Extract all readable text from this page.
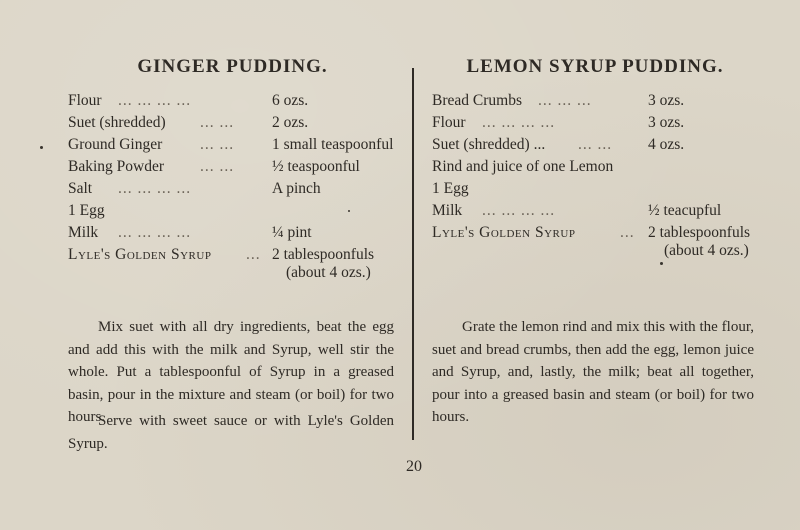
GINGER PUDDING.	LEMON SYRUP PUDDING.
Flour ... ... ... ...	6 ozs.
Suet (shredded) ... ... 2 ozs.
Ground Ginger ... ... 1 small teaspoonful
Baking Powder ... ... ½ teaspoonful
Salt ... ... ... ...	A pinch
1 Egg
Milk ... ... ... ...	¼ pint
Lyle's Golden Syrup ... 2 tablespoonfuls
(about 4 ozs.)
Bread Crumbs ... ... ...	3 ozs.
Flour ... ... ... ...	3 ozs.
Suet (shredded) ... ... ... 4 ozs.
Rind and juice of one Lemon
1 Egg
Milk ... ... ... ...	½ teacupful
Lyle's Golden Syrup	... 2 tablespoonfuls
(about 4 ozs.)

Mix suet with all dry ingredients, beat the egg and add this with the milk and Syrup, well stir the whole. Put a tablespoonful of Syrup in a greased basin, pour in the mixture and steam (or boil) for two hours.

Serve with sweet sauce or with Lyle's Golden Syrup.

Grate the lemon rind and mix this with the flour, suet and bread crumbs, then add the egg, lemon juice and Syrup, and, lastly, the milk; beat all together, pour into a greased basin and steam (or boil) for two hours.

20
